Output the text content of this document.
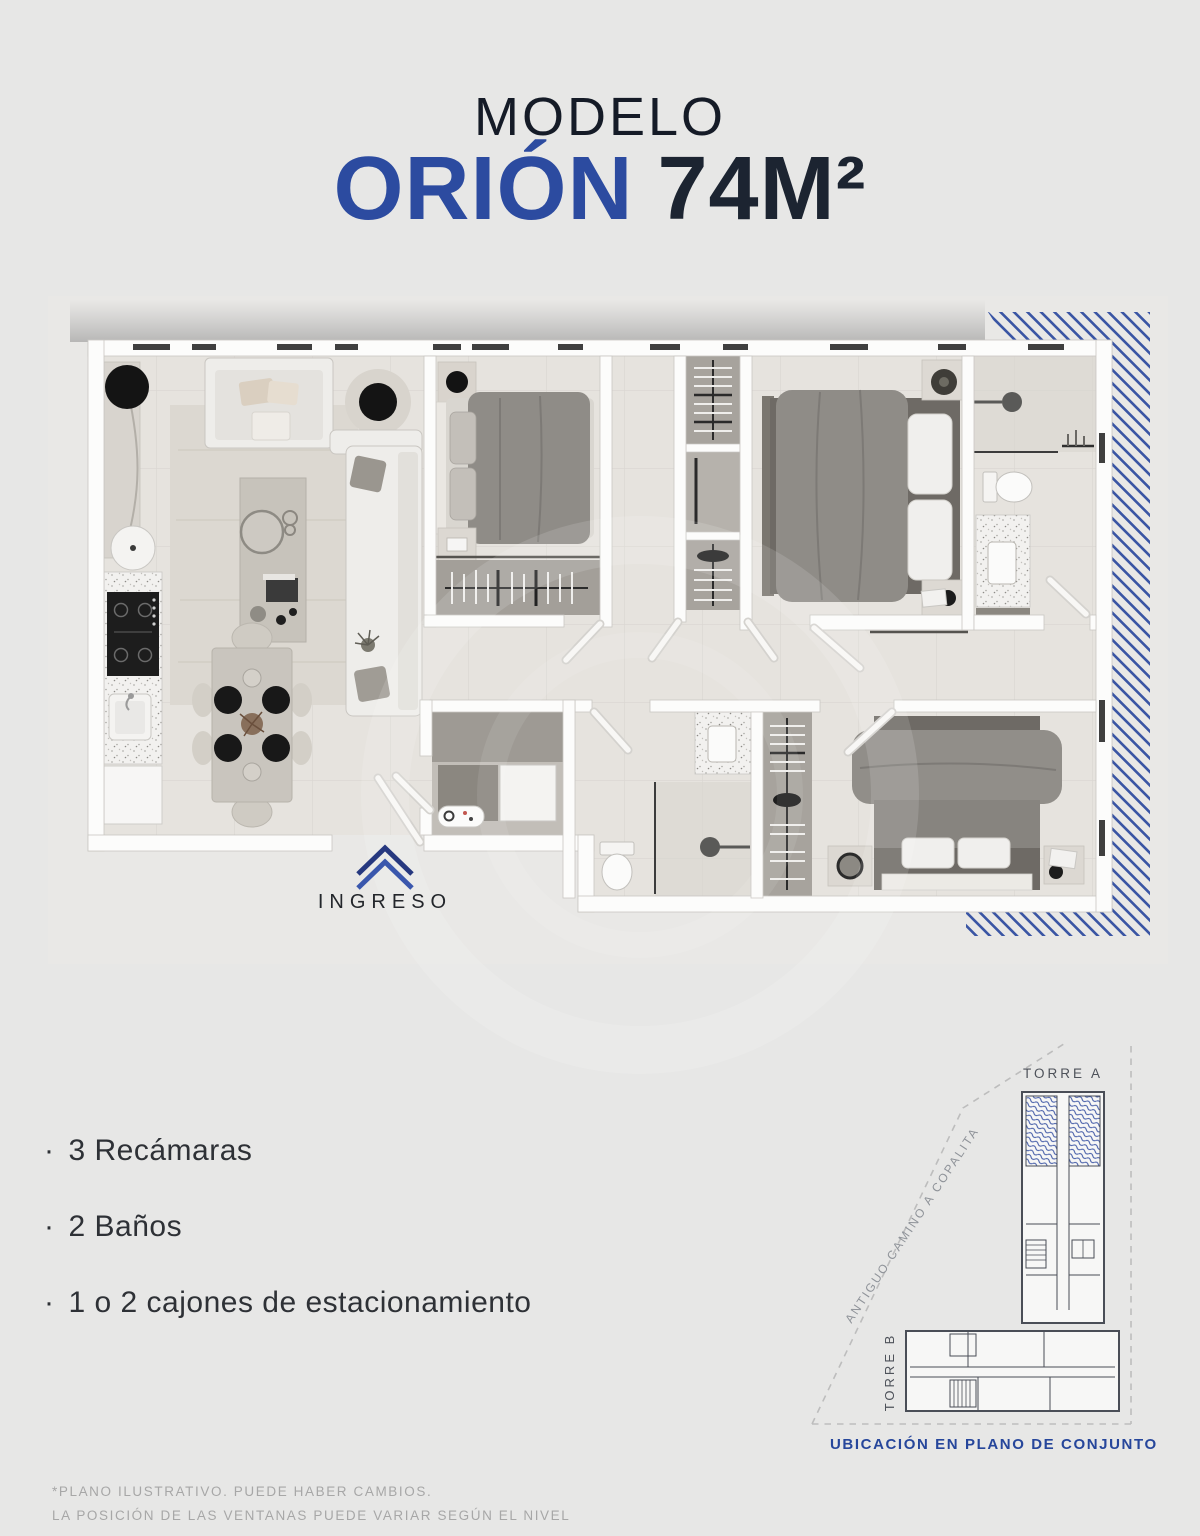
MODELO
ORIÓN 74M²
INGRESO
· 3 Recámaras
· 2 Baños
· 1 o 2 cajones de estacionamiento
TORRE A
TORRE B
ANTIGUO CAMINO A COPALITA
UBICACIÓN EN PLANO DE CONJUNTO
*PLANO ILUSTRATIVO. PUEDE HABER CAMBIOS.
LA POSICIÓN DE LAS VENTANAS PUEDE VARIAR SEGÚN EL NIVEL
